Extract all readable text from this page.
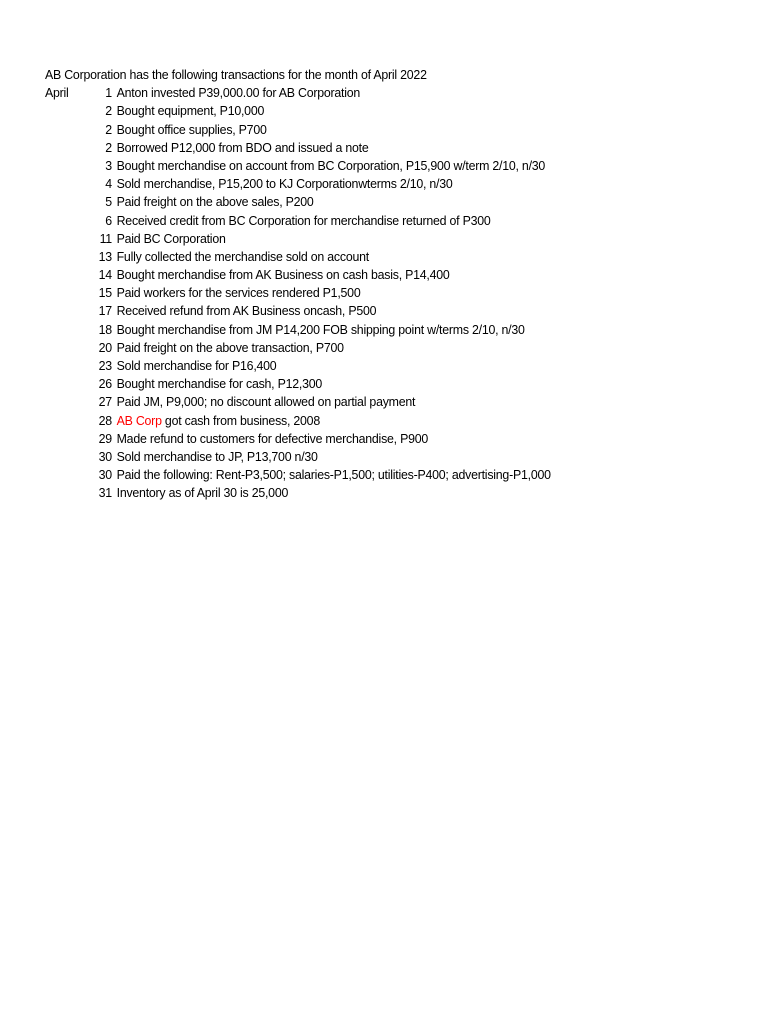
AB Corporation has the following transactions for the month of April 2022
April	1 Anton invested P39,000.00 for AB Corporation
2 Bought equipment, P10,000
2 Bought office supplies, P700
2 Borrowed P12,000 from BDO and issued a note
3 Bought merchandise on account from BC Corporation, P15,900 w/term 2/10, n/30
4 Sold merchandise, P15,200 to KJ Corporationwterms 2/10, n/30
5 Paid freight on the above sales, P200
6 Received credit from BC Corporation for merchandise returned of P300
11 Paid BC Corporation
13 Fully collected the merchandise sold on account
14 Bought merchandise from AK Business on cash basis, P14,400
15 Paid workers for the services rendered P1,500
17 Received refund from AK Business oncash, P500
18 Bought merchandise from JM P14,200 FOB shipping point w/terms 2/10, n/30
20 Paid freight on the above transaction, P700
23 Sold merchandise for P16,400
26 Bought merchandise for cash, P12,300
27 Paid JM, P9,000; no discount allowed on partial payment
28 AB Corp got cash from business, 2008
29 Made refund to customers for defective merchandise, P900
30 Sold merchandise to JP, P13,700 n/30
30 Paid the following: Rent-P3,500; salaries-P1,500; utilities-P400; advertising-P1,000
31 Inventory as of April 30 is 25,000
